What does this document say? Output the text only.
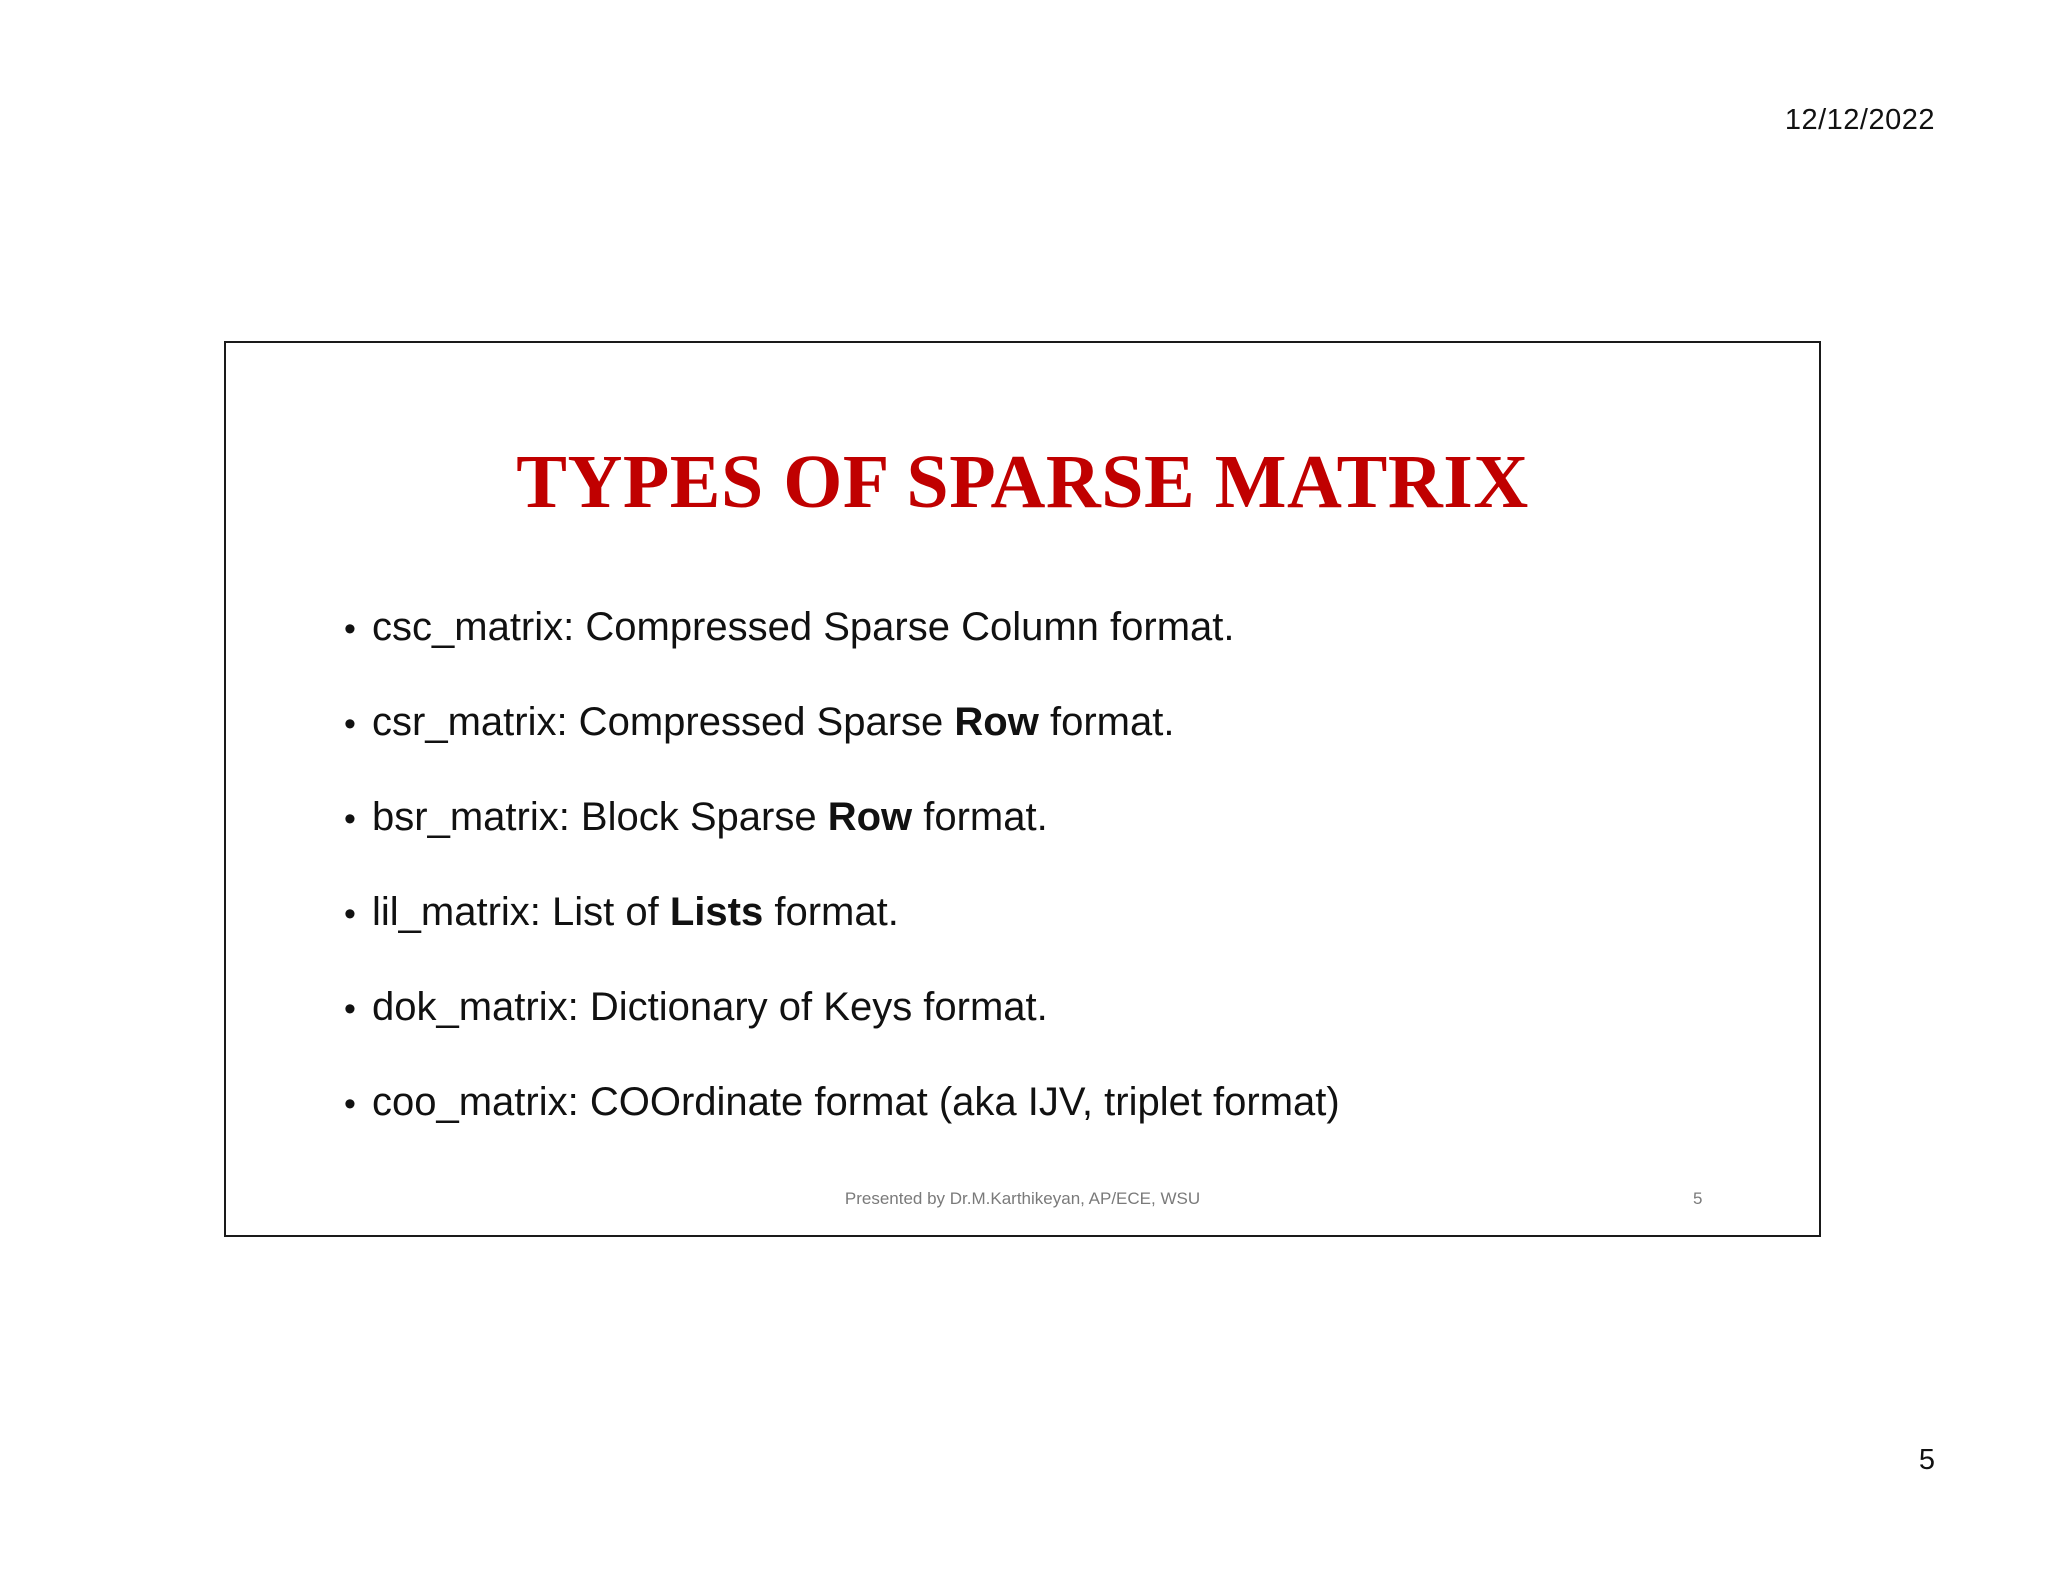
12/12/2022
TYPES OF SPARSE MATRIX
• csc_matrix: Compressed Sparse Column format.
• csr_matrix: Compressed Sparse Row format.
• bsr_matrix: Block Sparse Row format.
• lil_matrix: List of Lists format.
• dok_matrix: Dictionary of Keys format.
• coo_matrix: COOrdinate format (aka IJV, triplet format)
Presented by Dr.M.Karthikeyan, AP/ECE, WSU	5
5
